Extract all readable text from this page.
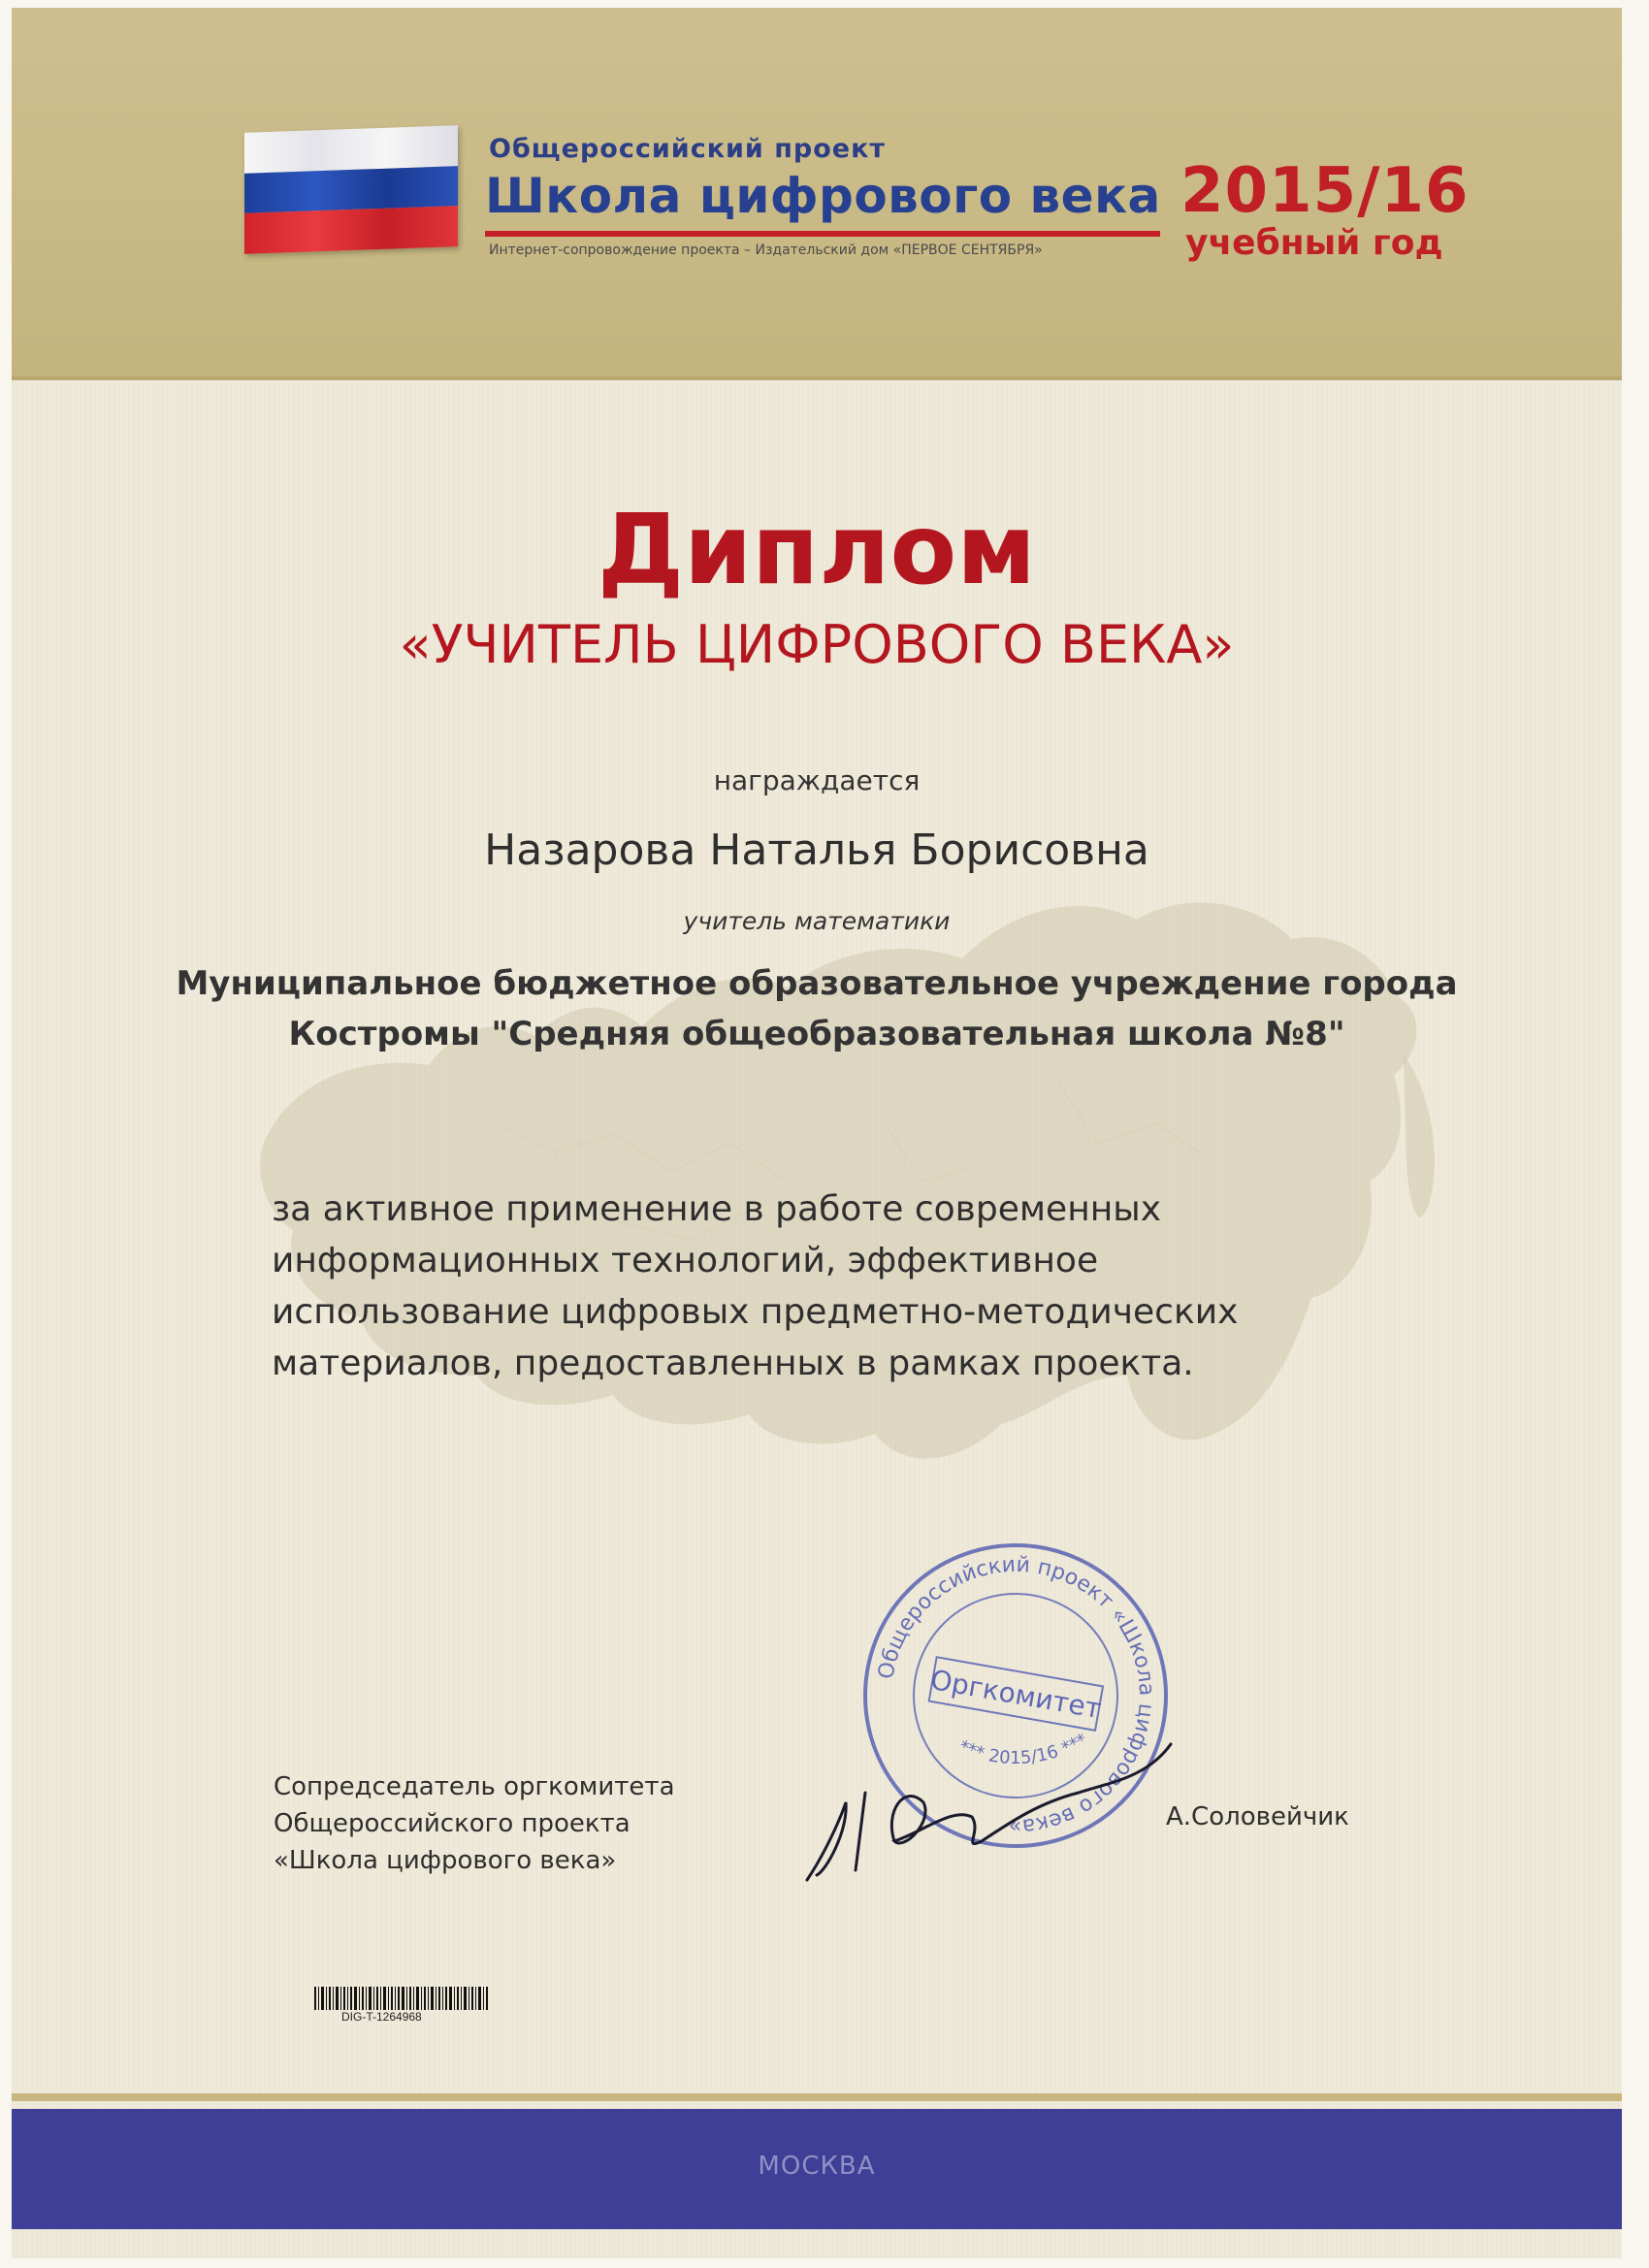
Общероссийский проект
Школа цифрового века
Интернет-сопровождение проекта – Издательский дом «ПЕРВОЕ СЕНТЯБРЯ»
2015/16
учебный год
Диплом
«УЧИТЕЛЬ ЦИФРОВОГО ВЕКА»
награждается
Назарова Наталья Борисовна
учитель математики
Муниципальное бюджетное образовательное учреждение города
Костромы "Средняя общеобразовательная школа №8"
за активное применение в работе современных
информационных технологий, эффективное
использование цифровых предметно-методических
материалов, предоставленных в рамках проекта.
Общероссийский проект «Школа цифрового века»
Оргкомитет
*** 2015/16 ***
Сопредседатель оргкомитета
Общероссийского проекта
«Школа цифрового века»
А.Соловейчик
DIG-T-1264968
МОСКВА
